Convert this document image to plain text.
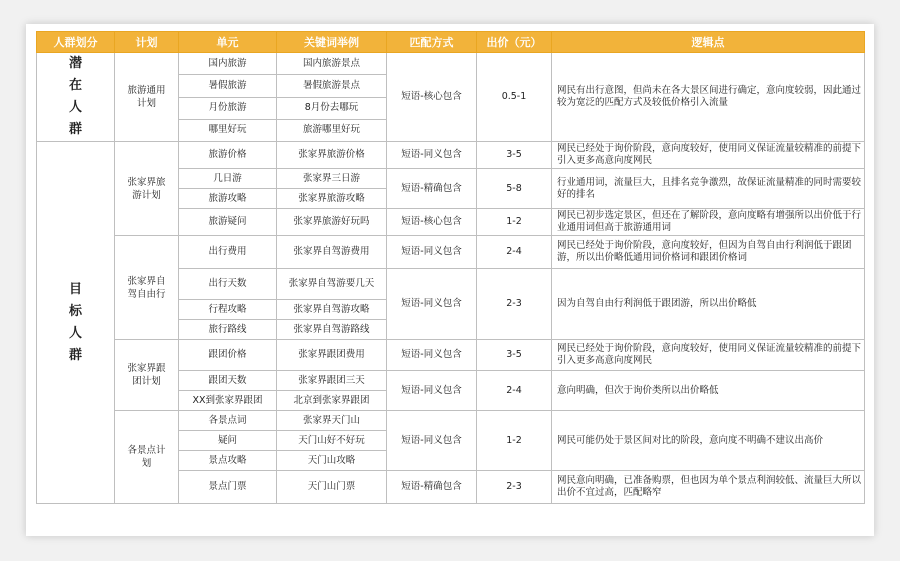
人群划分	计划	单元	关键词举例	匹配方式	出价（元）	逻辑点

潜在人群	旅游通用计划	国内旅游	国内旅游景点	短语-核心包含	0.5-1	网民有出行意图，但尚未在各大景区间进行确定，意向度较弱，因此通过较为宽泛的匹配方式及较低价格引入流量
		暑假旅游	暑假旅游景点			
		月份旅游	8月份去哪玩			
		哪里好玩	旅游哪里好玩			

目标人群	张家界旅游计划	旅游价格	张家界旅游价格	短语-同义包含	3-5	网民已经处于询价阶段，意向度较好，使用同义保证流量较精准的前提下引入更多高意向度网民
		几日游	张家界三日游	短语-精确包含	5-8	行业通用词，流量巨大，且排名竞争激烈，故保证流量精准的同时需要较好的排名
		旅游攻略	张家界旅游攻略			
		旅游疑问	张家界旅游好玩吗	短语-核心包含	1-2	网民已初步选定景区，但还在了解阶段，意向度略有增强所以出价低于行业通用词但高于旅游通用词
	张家界自驾自由行	出行费用	张家界自驾游费用	短语-同义包含	2-4	网民已经处于询价阶段，意向度较好，但因为自驾自由行利润低于跟团游，所以出价略低通用词价格词和跟团价格词
		出行天数	张家界自驾游要几天	短语-同义包含	2-3	因为自驾自由行利润低于跟团游，所以出价略低
		行程攻略	张家界自驾游攻略			
		旅行路线	张家界自驾游路线			
	张家界跟团计划	跟团价格	张家界跟团费用	短语-同义包含	3-5	网民已经处于询价阶段，意向度较好，使用同义保证流量较精准的前提下引入更多高意向度网民
		跟团天数	张家界跟团三天	短语-同义包含	2-4	意向明确，但次于询价类所以出价略低
		XX到张家界跟团	北京到张家界跟团			
	各景点计划	各景点词	张家界天门山	短语-同义包含	1-2	网民可能仍处于景区间对比的阶段，意向度不明确不建议出高价
		疑问	天门山好不好玩			
		景点攻略	天门山攻略			
		景点门票	天门山门票	短语-精确包含	2-3	网民意向明确，已准备购票，但也因为单个景点利润较低、流量巨大所以出价不宜过高，匹配略窄
